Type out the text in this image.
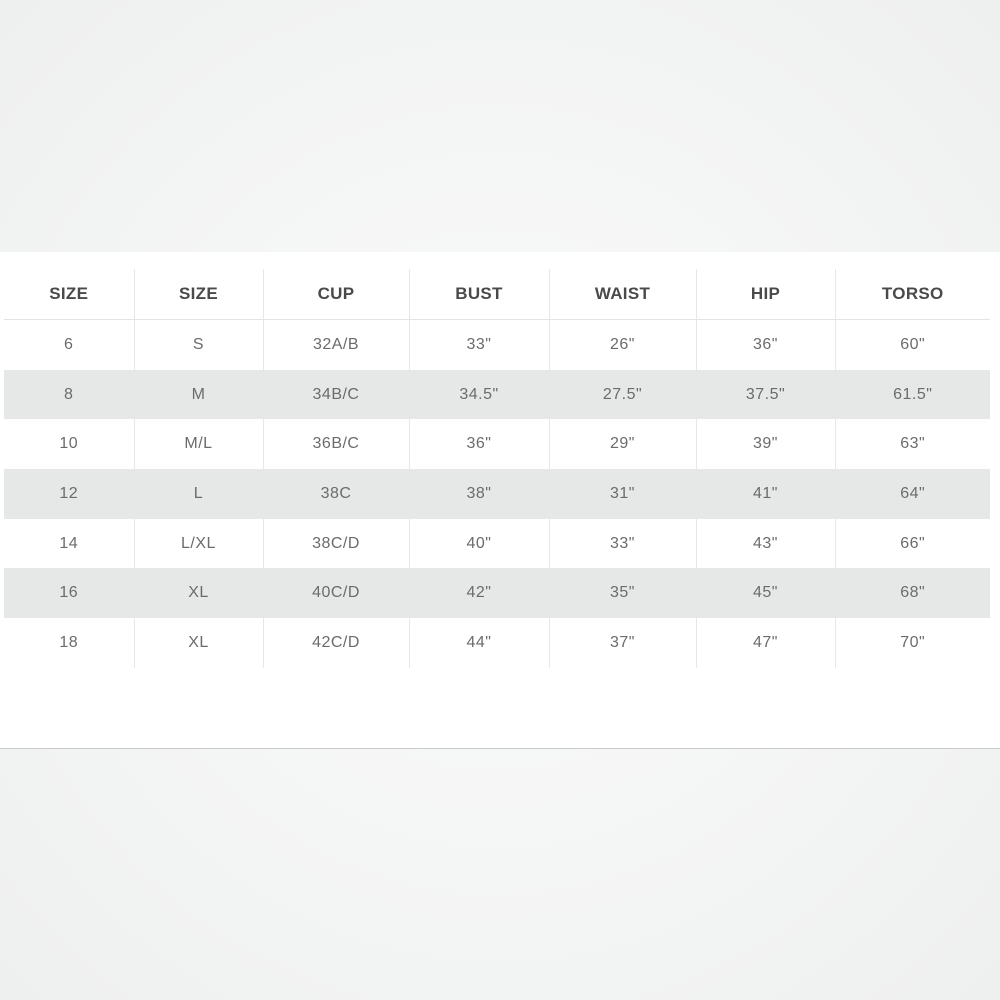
SIZE	SIZE	CUP	BUST	WAIST	HIP	TORSO
6	S	32A/B	33"	26"	36"	60"
8	M	34B/C	34.5"	27.5"	37.5"	61.5"
10	M/L	36B/C	36"	29"	39"	63"
12	L	38C	38"	31"	41"	64"
14	L/XL	38C/D	40"	33"	43"	66"
16	XL	40C/D	42"	35"	45"	68"
18	XL	42C/D	44"	37"	47"	70"
